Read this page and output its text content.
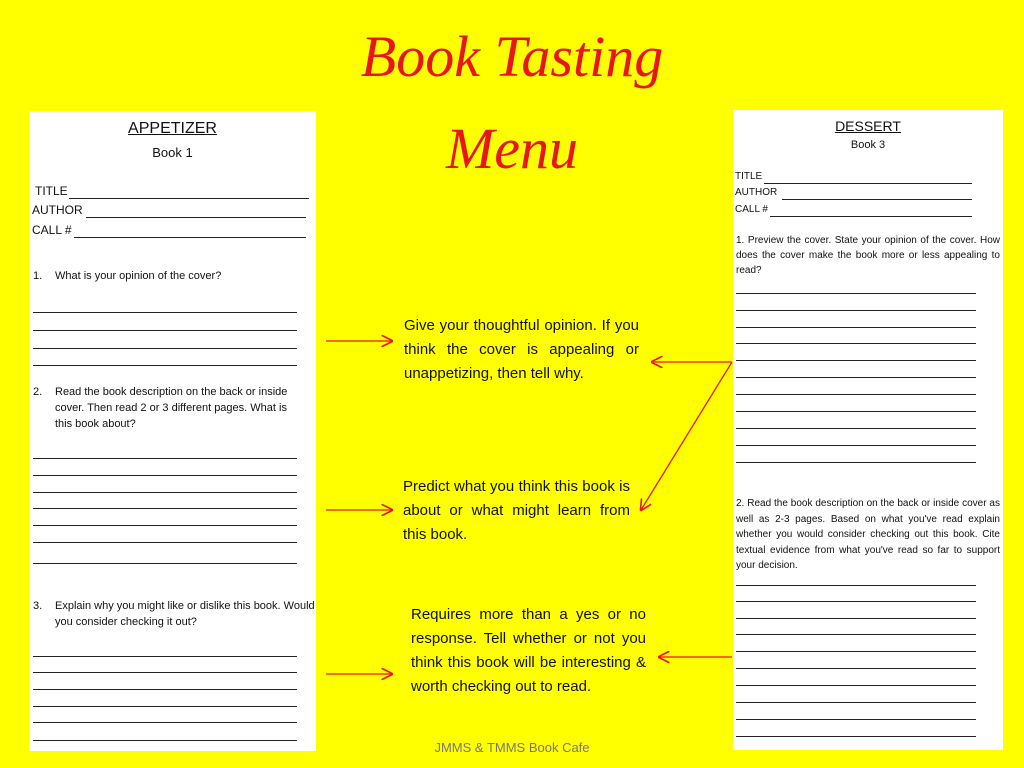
Book Tasting
Menu
APPETIZER
Book 1
TITLE
AUTHOR
CALL #
1. What is your opinion of the cover?
2. Read the book description on the back or inside cover. Then read 2 or 3 different pages. What is this book about?
3. Explain why you might like or dislike this book. Would you consider checking it out?
DESSERT
Book 3
TITLE
AUTHOR
CALL #
1. Preview the cover. State your opinion of the cover. How does the cover make the book more or less appealing to read?
2. Read the book description on the back or inside cover as well as 2-3 pages. Based on what you've read explain whether you would consider checking out this book. Cite textual evidence from what you've read so far to support your decision.
Give your thoughtful opinion. If you think the cover is appealing or unappetizing, then tell why.
Predict what you think this book is about or what might learn from this book.
Requires more than a yes or no response. Tell whether or not you think this book will be interesting & worth checking out to read.
JMMS & TMMS Book Cafe
